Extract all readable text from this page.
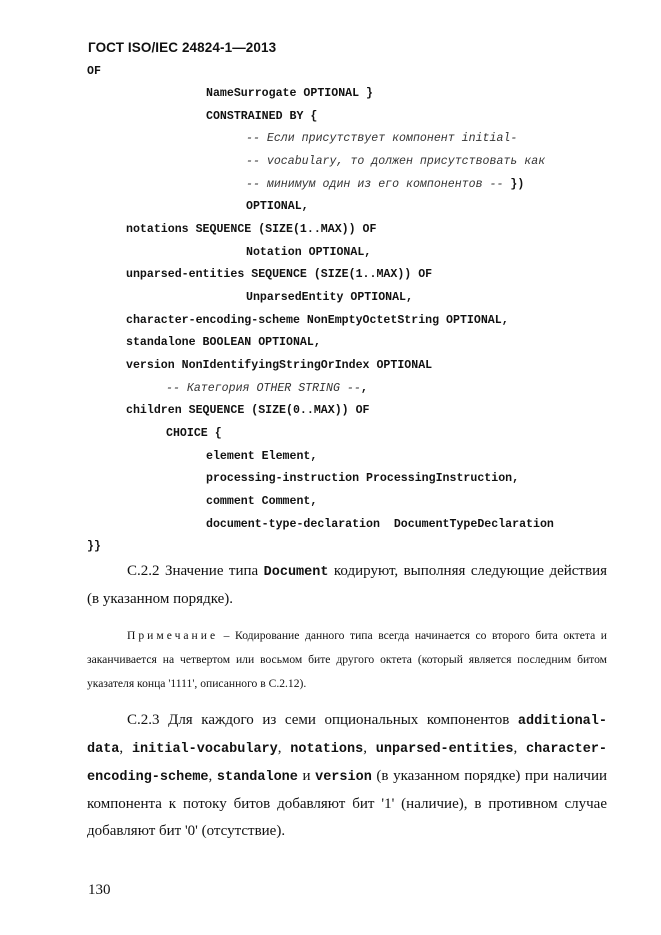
ГОСТ ISO/IEC 24824-1—2013
OF
NameSurrogate OPTIONAL }
CONSTRAINED BY {
-- Если присутствует компонент initial-
-- vocabulary, то должен присутствовать как
-- минимум один из его компонентов -- })
OPTIONAL,
notations SEQUENCE (SIZE(1..MAX)) OF
Notation OPTIONAL,
unparsed-entities SEQUENCE (SIZE(1..MAX)) OF
UnparsedEntity OPTIONAL,
character-encoding-scheme NonEmptyOctetString OPTIONAL,
standalone BOOLEAN OPTIONAL,
version NonIdentifyingStringOrIndex OPTIONAL
-- Категория OTHER STRING --,
children SEQUENCE (SIZE(0..MAX)) OF
CHOICE {
element Element,
processing-instruction ProcessingInstruction,
comment Comment,
document-type-declaration  DocumentTypeDeclaration
}}

С.2.2 Значение типа Document кодируют, выполняя следующие действия (в указанном порядке).

Примечание – Кодирование данного типа всегда начинается со второго бита октета и заканчивается на четвертом или восьмом бите другого октета (который является последним битом указателя конца '1111', описанного в С.2.12).

С.2.3 Для каждого из семи опциональных компонентов additional-data, initial-vocabulary, notations, unparsed-entities, character-encoding-scheme, standalone и version (в указанном порядке) при наличии компонента к потоку битов добавляют бит '1' (наличие), в противном случае добавляют бит '0' (отсутствие).

130
